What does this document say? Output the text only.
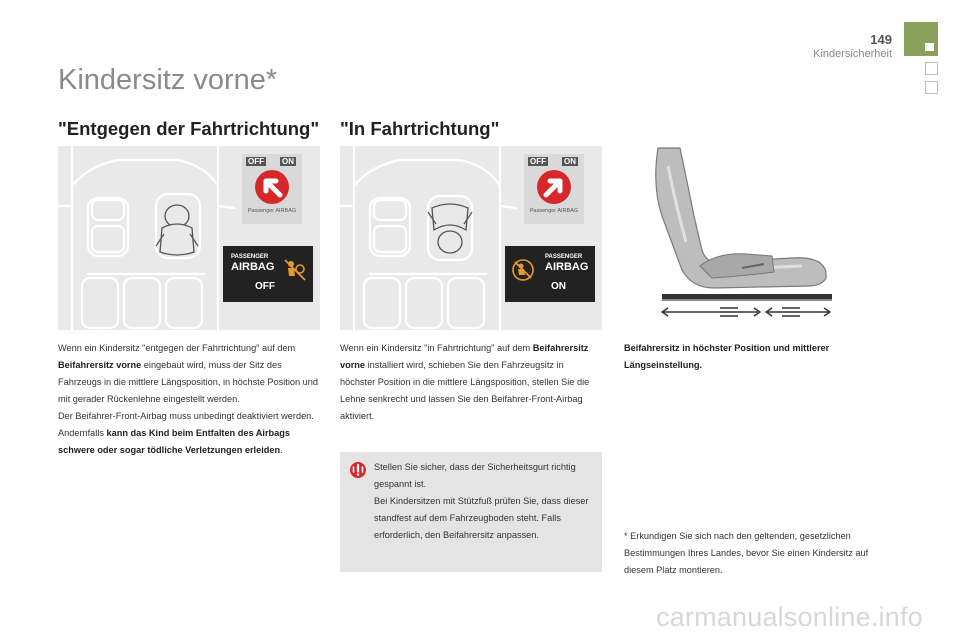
149
Kindersicherheit
Kindersitz vorne*
"Entgegen der Fahrtrichtung" "In Fahrtrichtung"
OFF ON
Passenger AIRBAG
PASSENGER
AIRBAG
OFF
OFF ON
Passenger AIRBAG
PASSENGER
AIRBAG
ON
Wenn ein Kindersitz "entgegen der Fahrtrichtung" auf dem Beifahrersitz vorne eingebaut wird, muss der Sitz des Fahrzeugs in die mittlere Längsposition, in höchste Position und mit gerader Rückenlehne eingestellt werden.
Der Beifahrer-Front-Airbag muss unbedingt deaktiviert werden. Andernfalls kann das Kind beim Entfalten des Airbags schwere oder sogar tödliche Verletzungen erleiden.
Wenn ein Kindersitz "in Fahrtrichtung" auf dem Beifahrersitz vorne installiert wird, schieben Sie den Fahrzeugsitz in höchster Position in die mittlere Längsposition, stellen Sie die Lehne senkrecht und lassen Sie den Beifahrer-Front-Airbag aktiviert.
Stellen Sie sicher, dass der Sicherheitsgurt richtig gespannt ist.
Bei Kindersitzen mit Stützfuß prüfen Sie, dass dieser standfest auf dem Fahrzeugboden steht. Falls erforderlich, den Beifahrersitz anpassen.
Beifahrersitz in höchster Position und mittlerer Längseinstellung.
* Erkundigen Sie sich nach den geltenden, gesetzlichen Bestimmungen Ihres Landes, bevor Sie einen Kindersitz auf diesem Platz montieren.
carmanualsonline.info
